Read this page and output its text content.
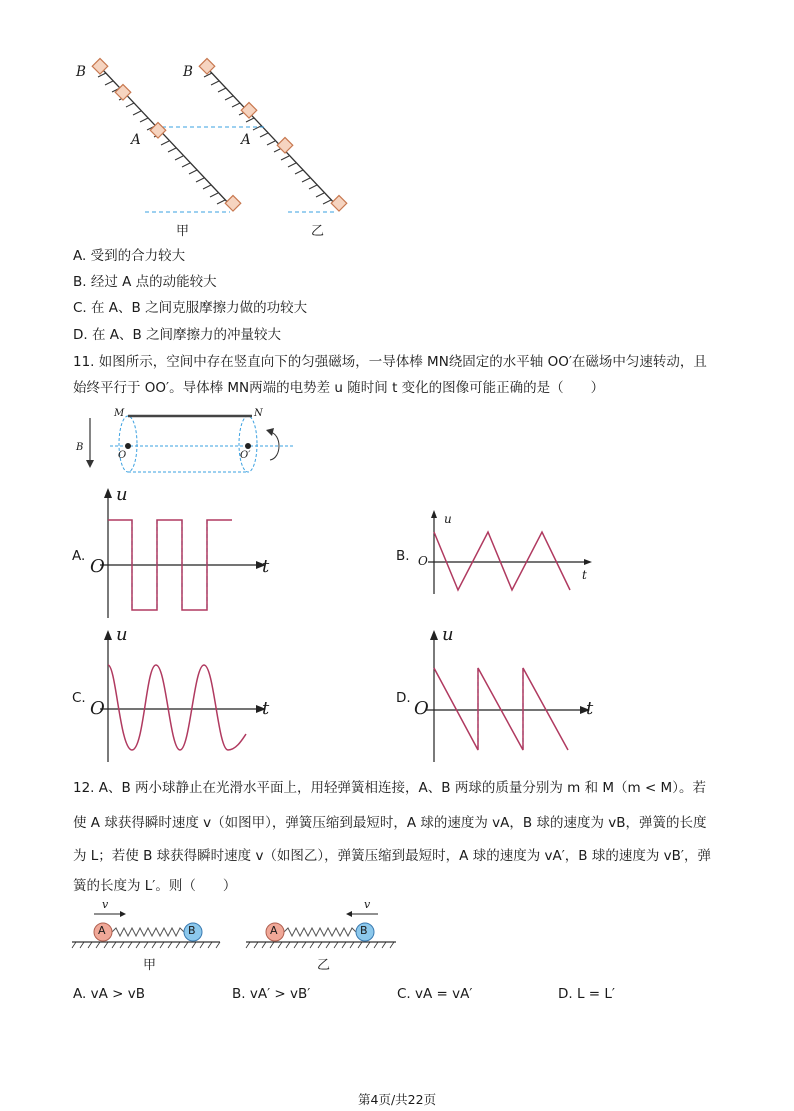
B	B
A	A
甲	乙
A. 受到的合力较大
B. 经过 A 点的动能较大
C. 在 A、B 之间克服摩擦力做的功较大
D. 在 A、B 之间摩擦力的冲量较大
11. 如图所示，空间中存在竖直向下的匀强磁场，一导体棒 MN绕固定的水平轴 OO′在磁场中匀速转动，且
始终平行于 OO′。导体棒 MN两端的电势差 u 随时间 t 变化的图像可能正确的是（　　）
M	N
B
O	O′
A.
u
t
O	B.
u
t
O
C.
u
t
O	D.
u
t
O
12. A、B 两小球静止在光滑水平面上，用轻弹簧相连接，A、B 两球的质量分别为 m 和 M（m < M）。若
使 A 球获得瞬时速度 v（如图甲），弹簧压缩到最短时，A 球的速度为 vA，B 球的速度为 vB，弹簧的长度
为 L；若使 B 球获得瞬时速度 v（如图乙），弹簧压缩到最短时，A 球的速度为 vA′，B 球的速度为 vB′，弹
簧的长度为 L′。则（　　）
v	v
A	B	A	B
甲	乙
A. vA > vB	B. vA′ > vB′	C. vA = vA′	D. L = L′
第4页/共22页
